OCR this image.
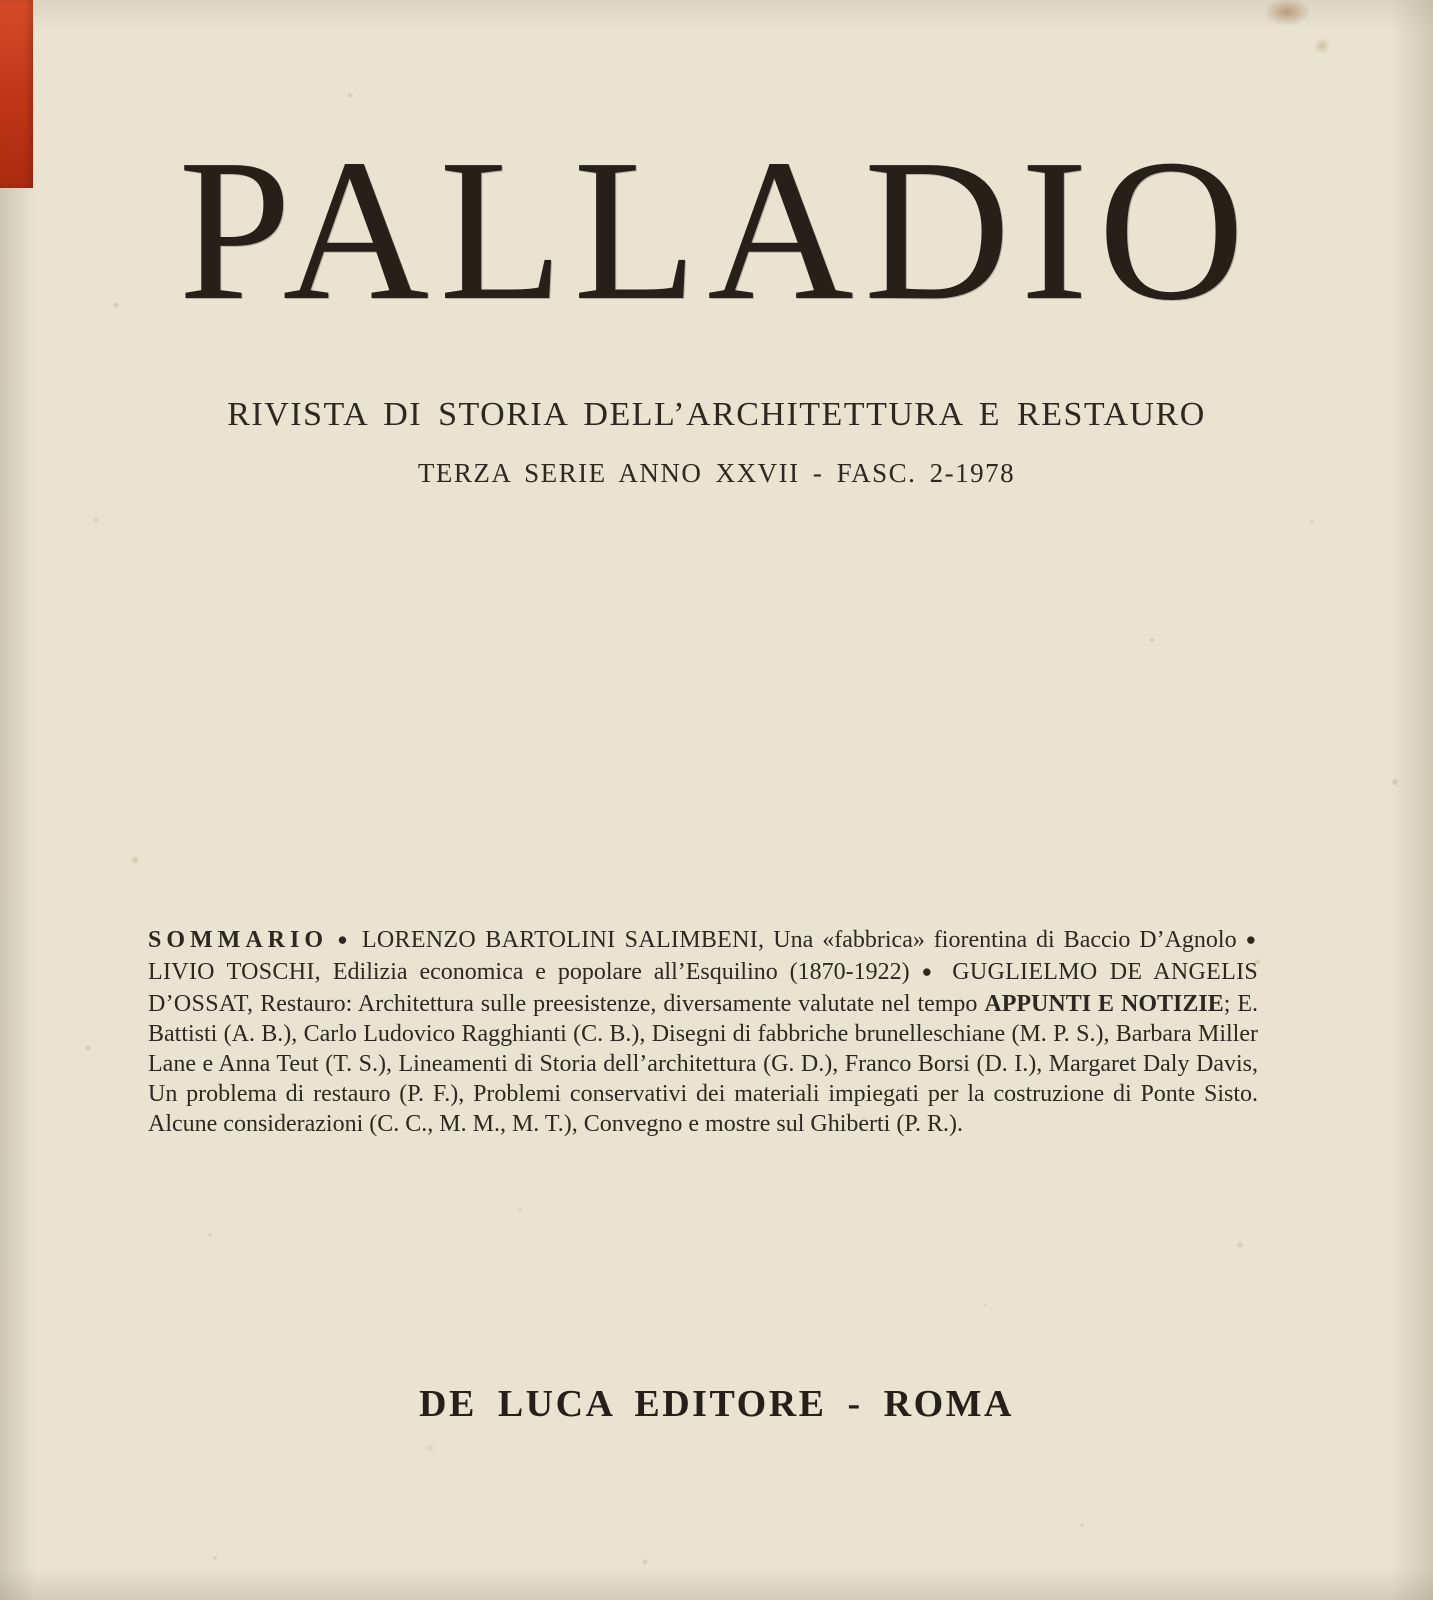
PALLADIO
RIVISTA DI STORIA DELL’ARCHITETTURA E RESTAURO
TERZA SERIE ANNO XXVII - FASC. 2-1978

SOMMARIO ● LORENZO BARTOLINI SALIMBENI, Una «fabbrica» fiorentina di Baccio D’Agnolo ● LIVIO TOSCHI, Edilizia economica e popolare all’Esquilino (1870-1922) ● GUGLIELMO DE ANGELIS D’OSSAT, Restauro: Architettura sulle preesistenze, diversamente valutate nel tempo APPUNTI E NOTIZIE; E. Battisti (A. B.), Carlo Ludovico Ragghianti (C. B.), Disegni di fabbriche brunelleschiane (M. P. S.), Barbara Miller Lane e Anna Teut (T. S.), Lineamenti di Storia dell’architettura (G. D.), Franco Borsi (D. I.), Margaret Daly Davis, Un problema di restauro (P. F.), Problemi conservativi dei materiali impiegati per la costruzione di Ponte Sisto. Alcune considerazioni (C. C., M. M., M. T.), Convegno e mostre sul Ghiberti (P. R.).

DE LUCA EDITORE - ROMA
